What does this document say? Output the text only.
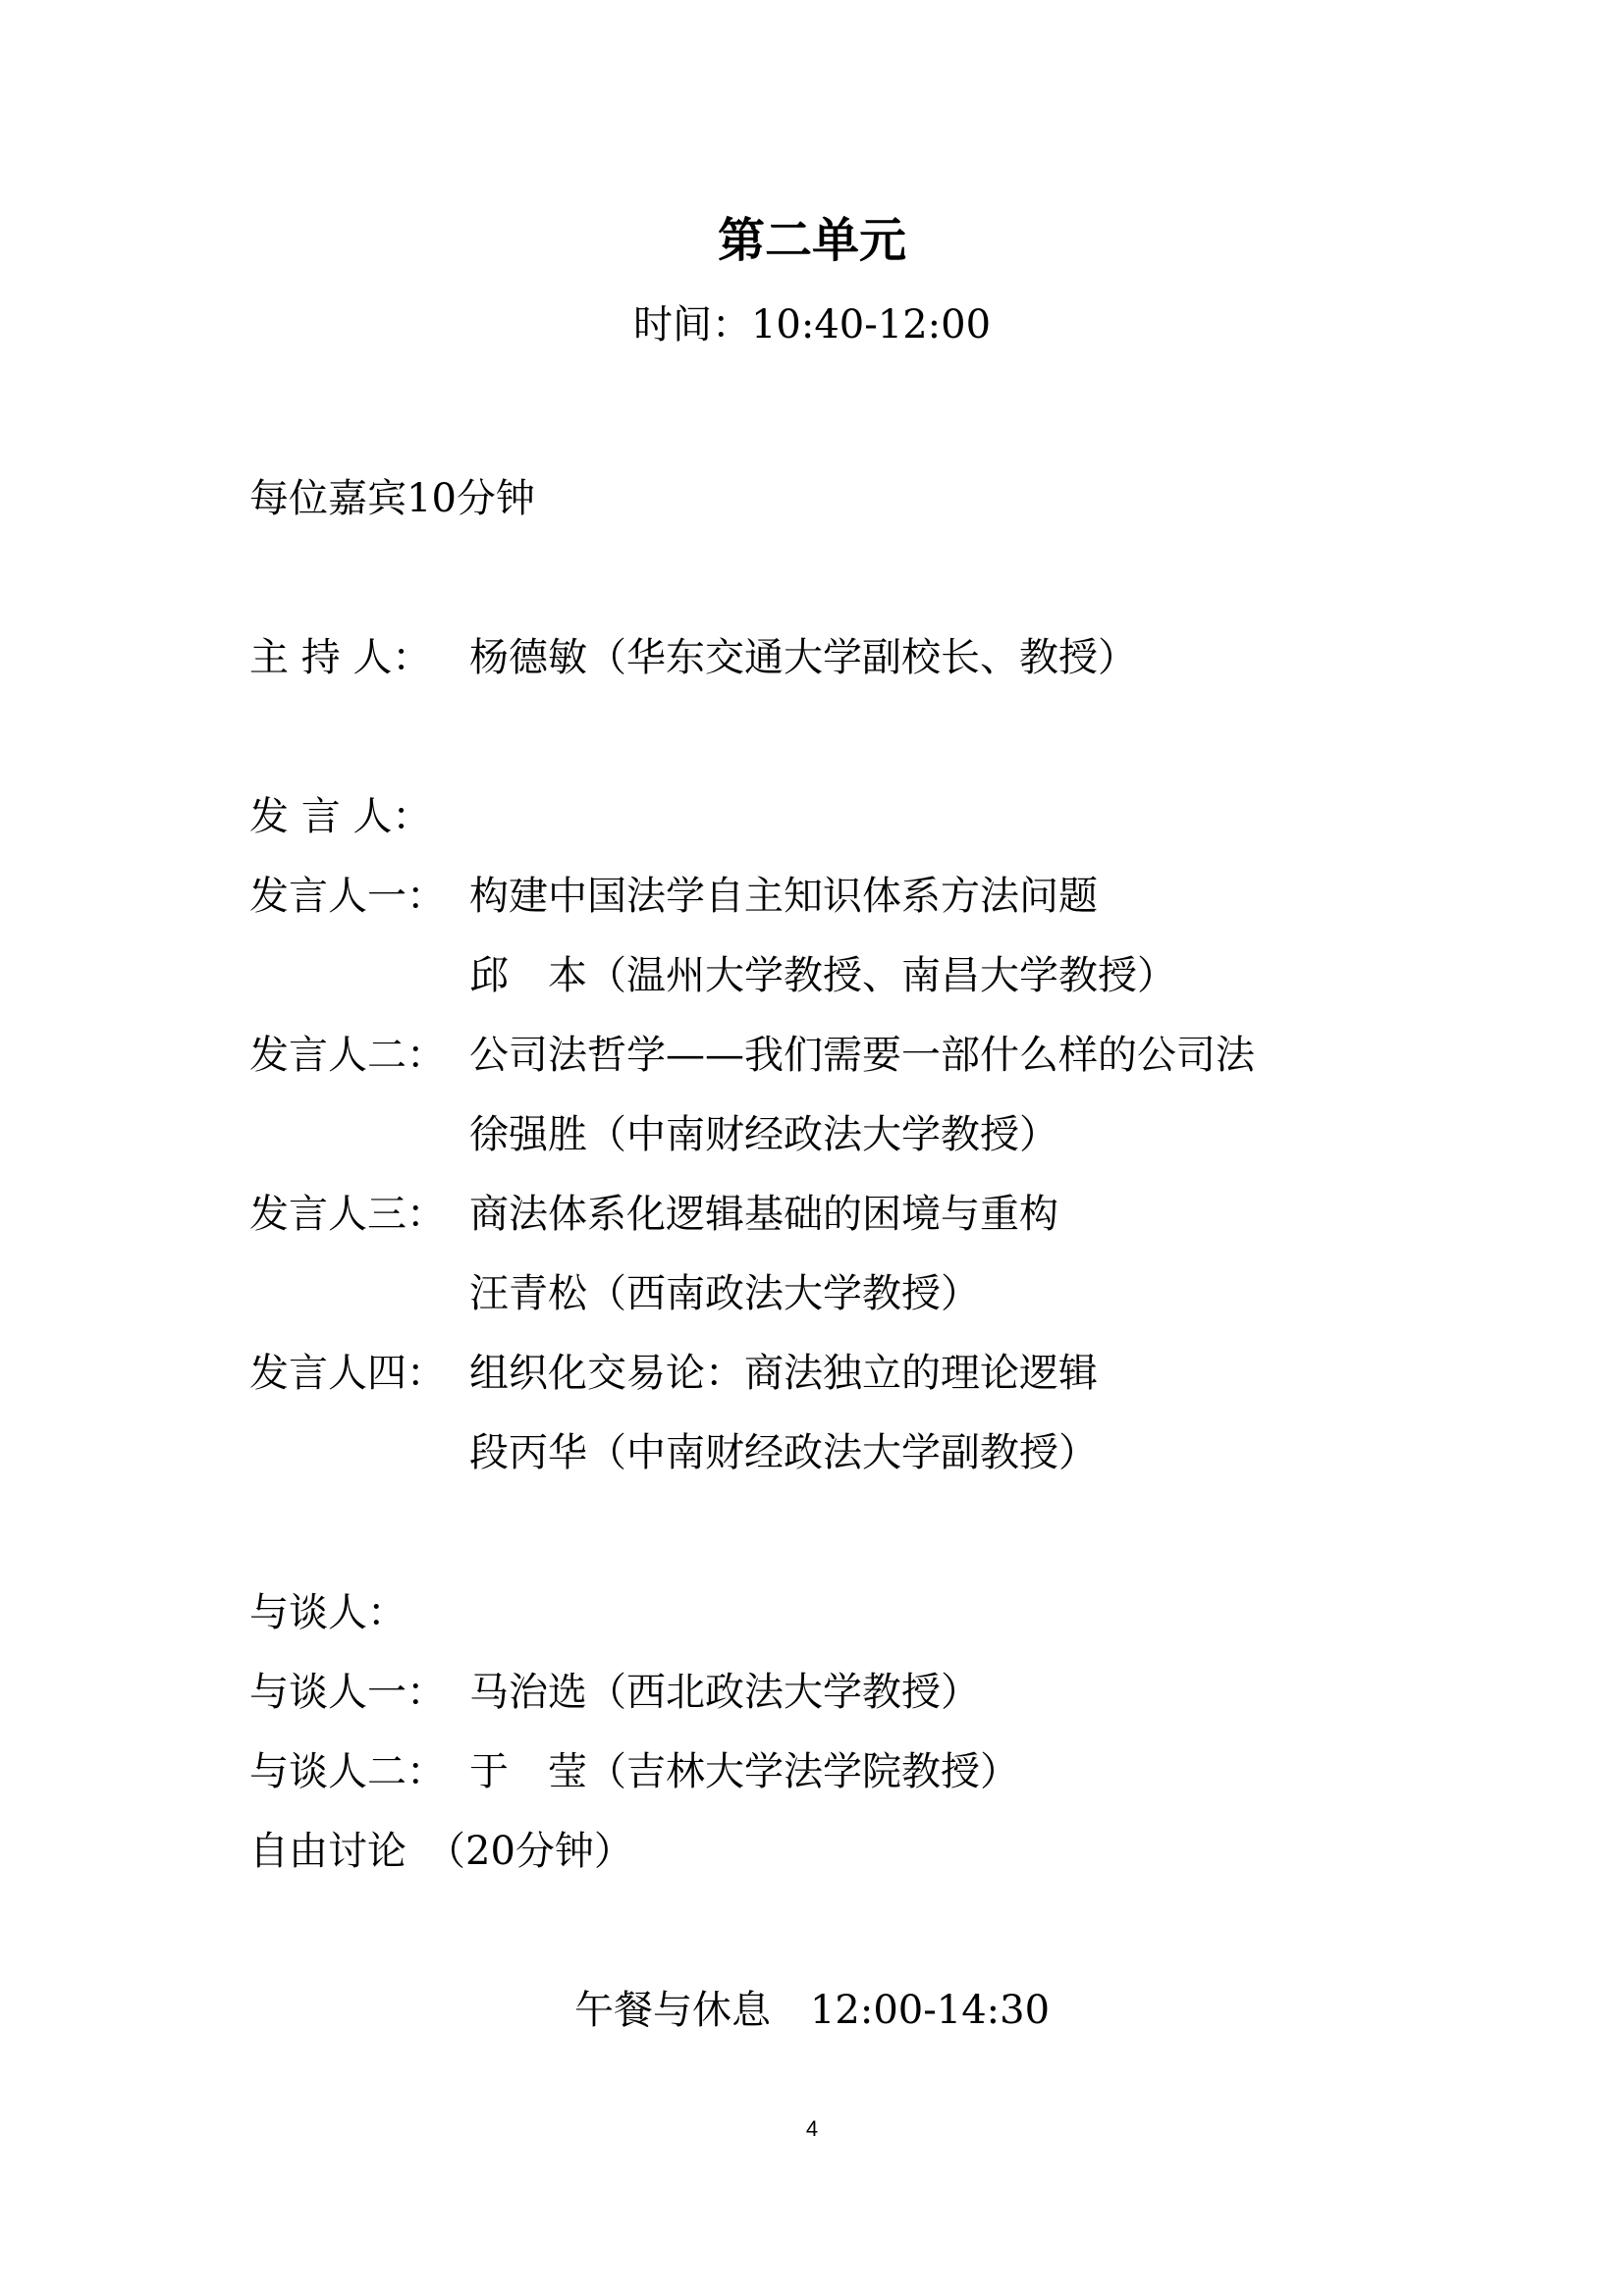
第二单元
时间：10:40-12:00
每位嘉宾10分钟
主 持 人： 杨德敏（华东交通大学副校长、教授）
发 言 人：
发言人一： 构建中国法学自主知识体系方法问题
邱　本（温州大学教授、南昌大学教授）
发言人二： 公司法哲学——我们需要一部什么样的公司法
徐强胜（中南财经政法大学教授）
发言人三： 商法体系化逻辑基础的困境与重构
汪青松（西南政法大学教授）
发言人四： 组织化交易论：商法独立的理论逻辑
段丙华（中南财经政法大学副教授）
与谈人：
与谈人一： 马治选（西北政法大学教授）
与谈人二： 于　莹（吉林大学法学院教授）
自由讨论　（20分钟）
午餐与休息　12:00-14:30
4
